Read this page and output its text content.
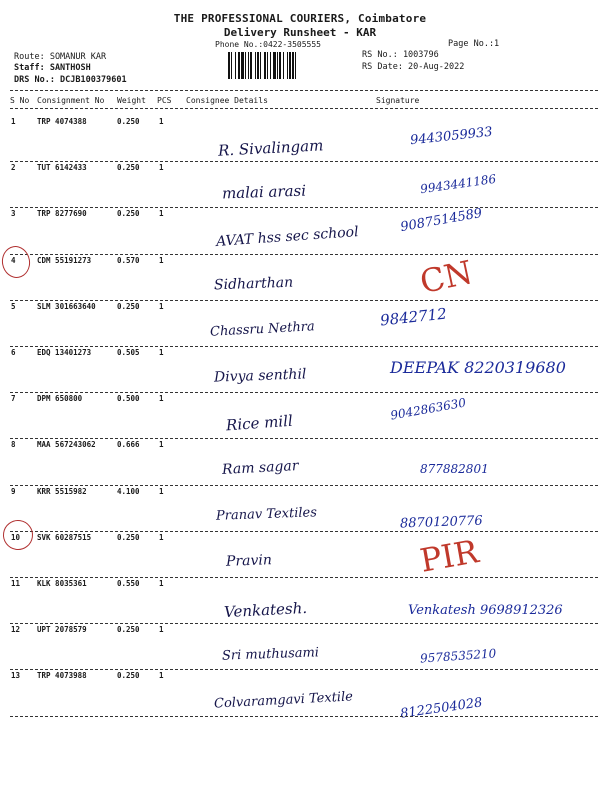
THE PROFESSIONAL COURIERS, Coimbatore
Delivery Runsheet - KAR
Phone No.:0422-3505555	Page No.:1
Route: SOMANUR KAR
Staff: SANTHOSH
DRS No.: DCJB100379601
RS No.: 1003796
RS Date: 20-Aug-2022
S No Consignment No Weight PCS Consignee Details	Signature
1	TRP 4074388	0.250	1
R. Sivalingam	9443059933
2	TUT 6142433	0.250	1
malai arasi	9943441186
3	TRP 8277690	0.250	1
AVAT hss sec school
9087514589
4	CDM 55191273	0.570	1
Sidharthan	CN
5	SLM 301663640	0.250	1
Chassru Nethra
9842712
6	EDQ 13401273	0.505	1
Divya senthil	DEEPAK 8220319680
7	DPM 650800	0.500	1
Rice mill
9042863630
8	MAA 567243062	0.666	1
Ram sagar	877882801
9	KRR 5515982	4.100	1
Pranav Textiles	8870120776
10 SVK 60287515	0.250	1
Pravin	PIR
11 KLK 8035361	0.550	1
Venkatesh.	Venkatesh 9698912326
12 UPT 2078579	0.250	1
Sri muthusami	9578535210
13 TRP 4073988	0.250	1
Colvaramgavi Textile	8122504028
